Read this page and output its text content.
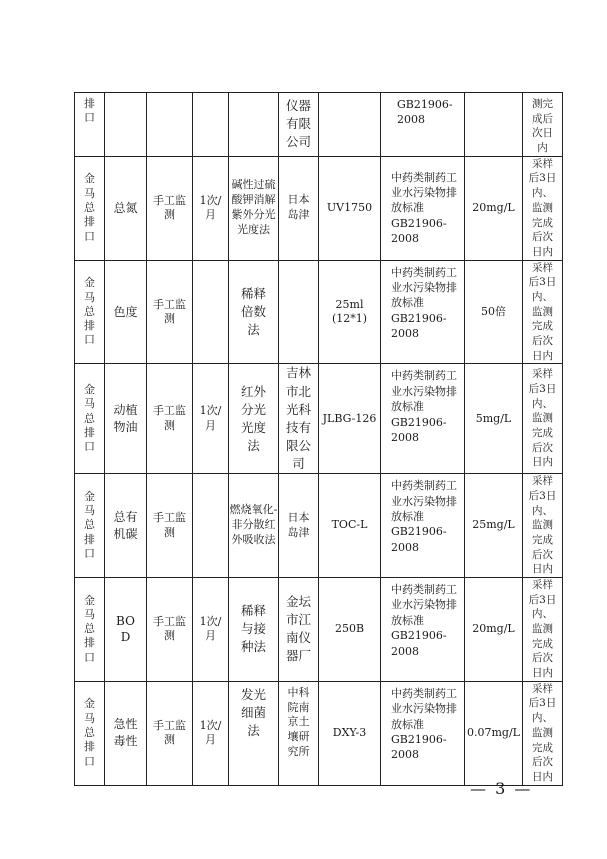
排口					仪器有限公司		GB21906-2008		测完成后次日内
金马总排口	总氮	手工监测	1次/月	碱性过硫酸钾消解紫外分光光度法	日本岛津	UV1750	中药类制药工业水污染物排放标准 GB21906-2008	20mg/L	采样后3日内、监测完成后次日内
金马总排口	色度	手工监测		稀释倍数法		25ml (12*1)	中药类制药工业水污染物排放标准 GB21906-2008	50倍	采样后3日内、监测完成后次日内
金马总排口	动植物油	手工监测	1次/月	红外分光光度法	吉林市北光科技有限公司	JLBG-126	中药类制药工业水污染物排放标准 GB21906-2008	5mg/L	采样后3日内、监测完成后次日内
金马总排口	总有机碳	手工监测		燃烧氧化-非分散红外吸收法	日本岛津	TOC-L	中药类制药工业水污染物排放标准 GB21906-2008	25mg/L	采样后3日内、监测完成后次日内
金马总排口	BOD	手工监测	1次/月	稀释与接种法	金坛市江南仪器厂	250B	中药类制药工业水污染物排放标准 GB21906-2008	20mg/L	采样后3日内、监测完成后次日内
金马总排口	急性毒性	手工监测	1次/月	发光细菌法	中科院南京土壤研究所	DXY-3	中药类制药工业水污染物排放标准 GB21906-2008	0.07mg/L	采样后3日内、监测完成后次日内
— 3 —
